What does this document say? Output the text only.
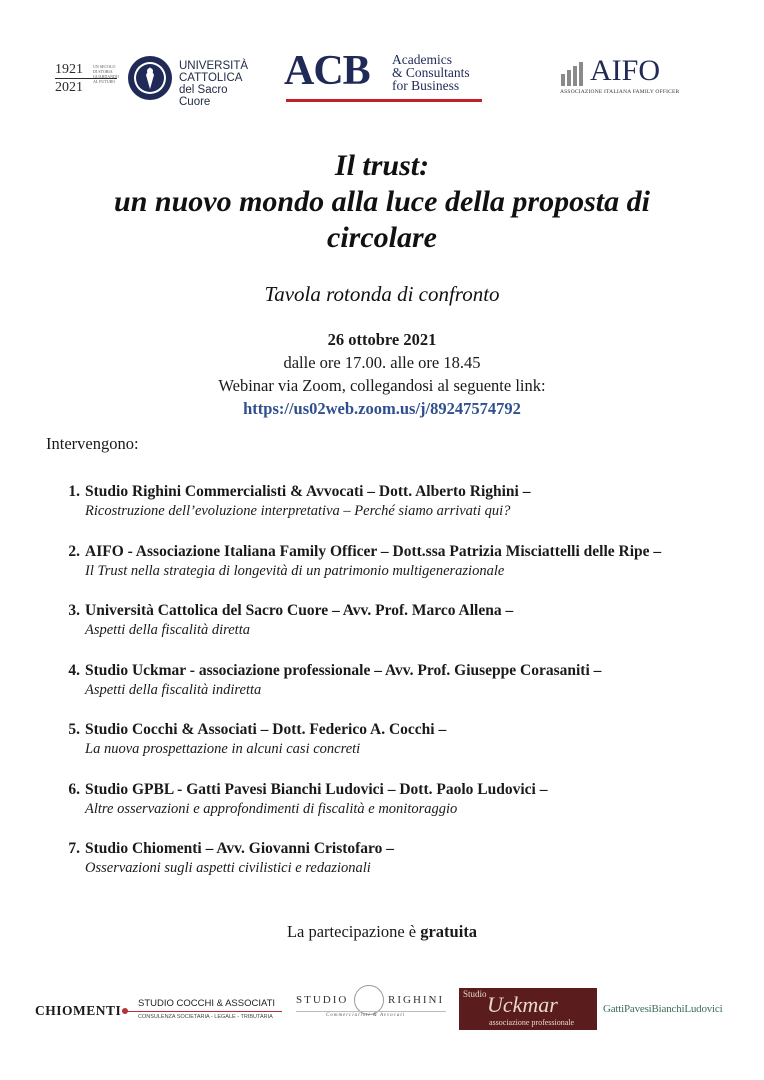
1921
2021
UN SECOLO DI STORIA GUARDANDO AL FUTURO
UNIVERSITÀ
CATTOLICA
del Sacro Cuore
ACB Academics
& Consultants
for Business	AIFO
ASSOCIAZIONE ITALIANA FAMILY OFFICER
Il trust:
un nuovo mondo alla luce della proposta di
circolare
Tavola rotonda di confronto
26 ottobre 2021
dalle ore 17.00. alle ore 18.45
Webinar via Zoom, collegandosi al seguente link:
https://us02web.zoom.us/j/89247574792
Intervengono:
1. Studio Righini Commercialisti & Avvocati – Dott. Alberto Righini –
Ricostruzione dell’evoluzione interpretativa – Perché siamo arrivati qui?
2. AIFO - Associazione Italiana Family Officer – Dott.ssa Patrizia Misciattelli delle Ripe –
Il Trust nella strategia di longevità di un patrimonio multigenerazionale
3. Università Cattolica del Sacro Cuore – Avv. Prof. Marco Allena –
Aspetti della fiscalità diretta
4. Studio Uckmar - associazione professionale – Avv. Prof. Giuseppe Corasaniti –
Aspetti della fiscalità indiretta
5. Studio Cocchi & Associati – Dott. Federico A. Cocchi –
La nuova prospettazione in alcuni casi concreti
6. Studio GPBL - Gatti Pavesi Bianchi Ludovici – Dott. Paolo Ludovici –
Altre osservazioni e approfondimenti di fiscalità e monitoraggio
7. Studio Chiomenti – Avv. Giovanni Cristofaro –
Osservazioni sugli aspetti civilistici e redazionali
La partecipazione è gratuita
CHIOMENTI STUDIO COCCHI & ASSOCIATI
CONSULENZA SOCIETARIA - LEGALE - TRIBUTARIA
STUDIO	RIGHINI
Commercialisti & Avvocati
Studio Uckmar
associazione professionale
GattiPavesiBianchiLudovici
